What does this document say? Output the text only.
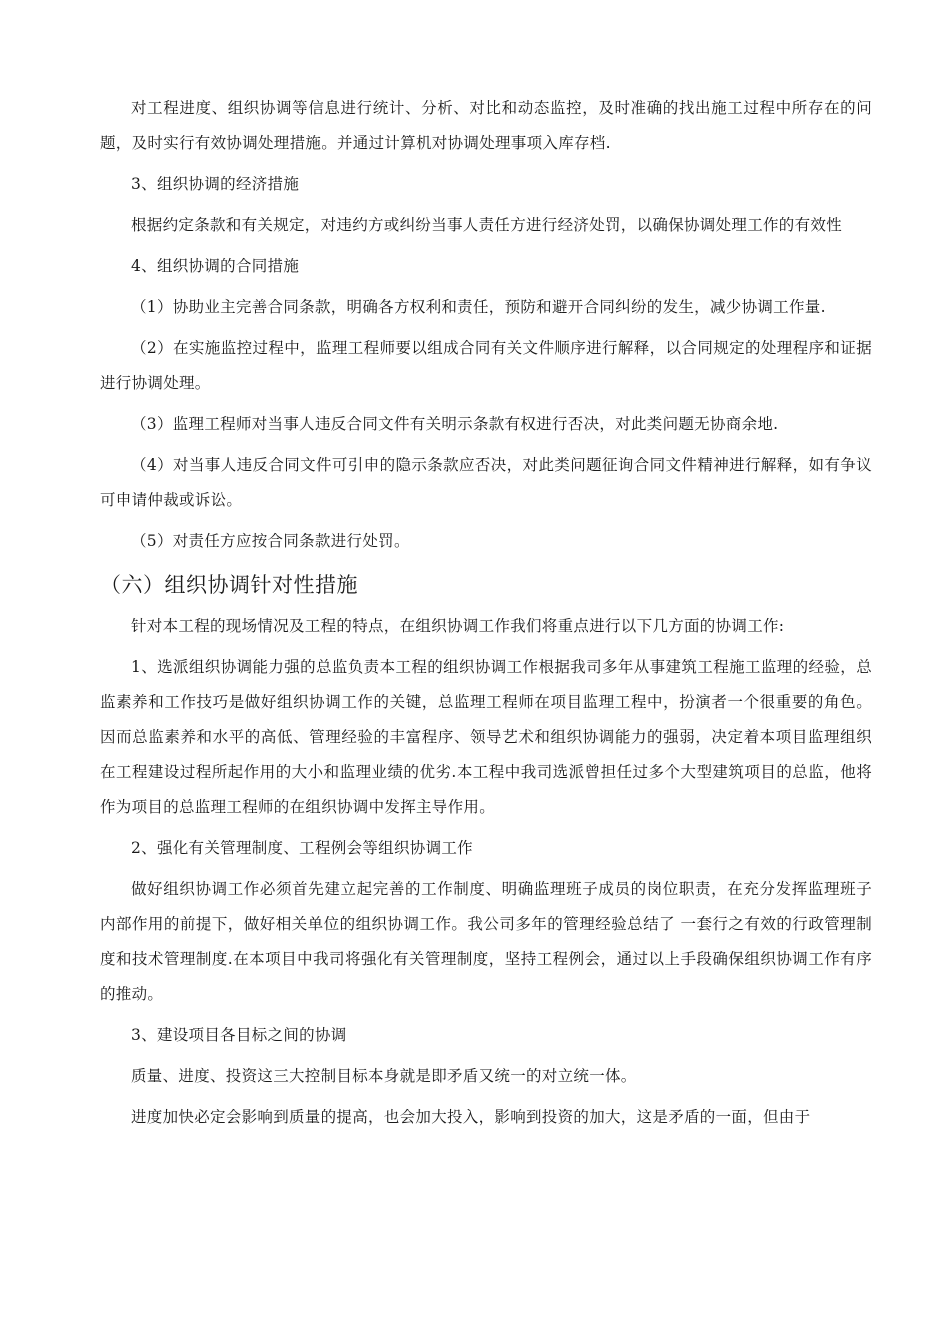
对工程进度、组织协调等信息进行统计、分析、对比和动态监控，及时准确的找出施工过程中所存在的问题，及时实行有效协调处理措施。并通过计算机对协调处理事项入库存档.

3、组织协调的经济措施

根据约定条款和有关规定，对违约方或纠纷当事人责任方进行经济处罚，以确保协调处理工作的有效性

4、组织协调的合同措施

（1）协助业主完善合同条款，明确各方权利和责任，预防和避开合同纠纷的发生，减少协调工作量.

（2）在实施监控过程中，监理工程师要以组成合同有关文件顺序进行解释，以合同规定的处理程序和证据进行协调处理。

（3）监理工程师对当事人违反合同文件有关明示条款有权进行否决，对此类问题无协商余地.

（4）对当事人违反合同文件可引申的隐示条款应否决，对此类问题征询合同文件精神进行解释，如有争议可申请仲裁或诉讼。

（5）对责任方应按合同条款进行处罚。

（六）组织协调针对性措施

针对本工程的现场情况及工程的特点，在组织协调工作我们将重点进行以下几方面的协调工作:

1、选派组织协调能力强的总监负责本工程的组织协调工作根据我司多年从事建筑工程施工监理的经验，总监素养和工作技巧是做好组织协调工作的关键，总监理工程师在项目监理工程中，扮演者一个很重要的角色。因而总监素养和水平的高低、管理经验的丰富程序、领导艺术和组织协调能力的强弱，决定着本项目监理组织在工程建设过程所起作用的大小和监理业绩的优劣.本工程中我司选派曾担任过多个大型建筑项目的总监，他将作为项目的总监理工程师的在组织协调中发挥主导作用。

2、强化有关管理制度、工程例会等组织协调工作

做好组织协调工作必须首先建立起完善的工作制度、明确监理班子成员的岗位职责，在充分发挥监理班子内部作用的前提下，做好相关单位的组织协调工作。我公司多年的管理经验总结了 一套行之有效的行政管理制度和技术管理制度.在本项目中我司将强化有关管理制度，坚持工程例会，通过以上手段确保组织协调工作有序的推动。

3、建设项目各目标之间的协调

质量、进度、投资这三大控制目标本身就是即矛盾又统一的对立统一体。

进度加快必定会影响到质量的提高，也会加大投入，影响到投资的加大，这是矛盾的一面，但由于
